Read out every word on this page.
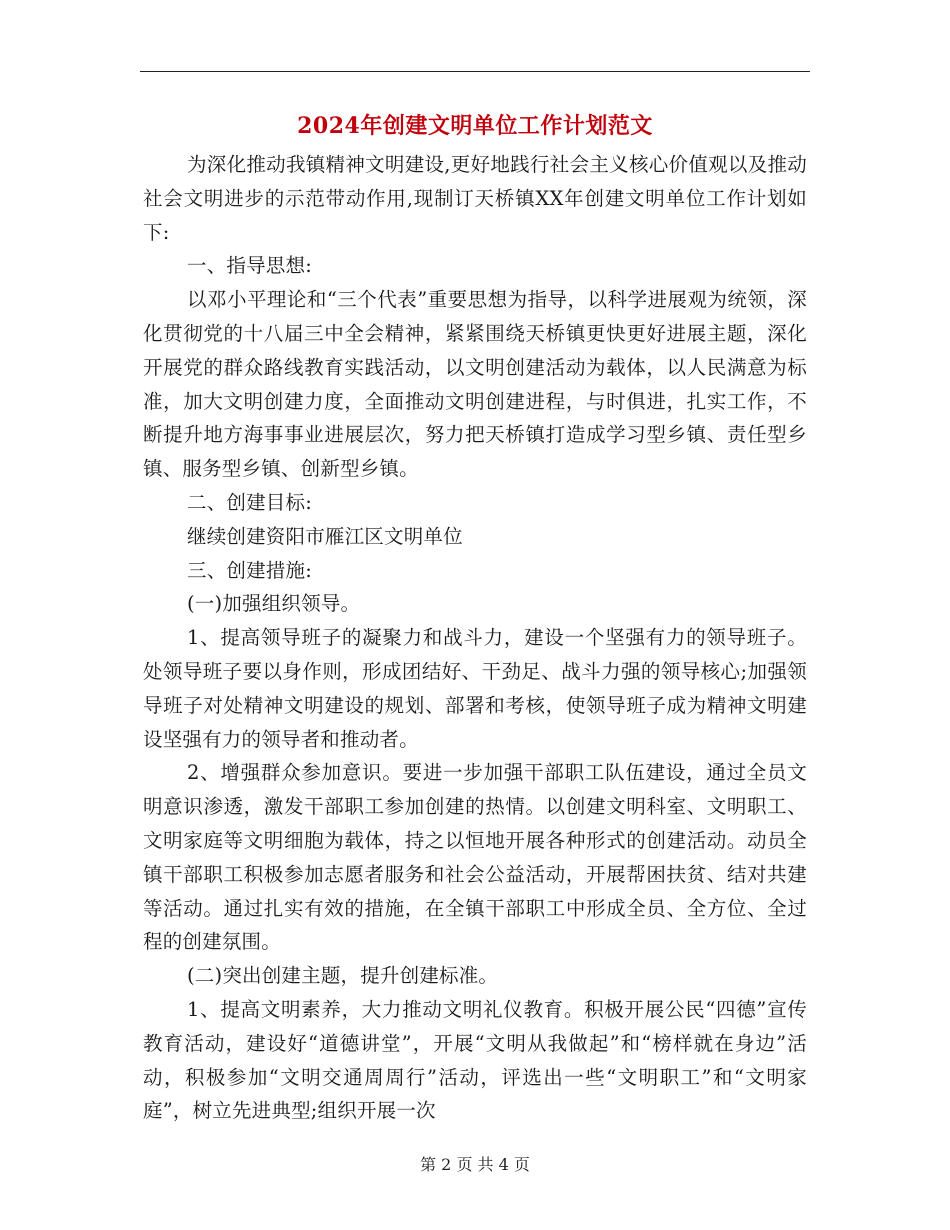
2024年创建文明单位工作计划范文

为深化推动我镇精神文明建设,更好地践行社会主义核心价值观以及推动社会文明进步的示范带动作用,现制订天桥镇XX年创建文明单位工作计划如下:

一、指导思想:

以邓小平理论和“三个代表”重要思想为指导，以科学进展观为统领，深化贯彻党的十八届三中全会精神，紧紧围绕天桥镇更快更好进展主题，深化开展党的群众路线教育实践活动，以文明创建活动为载体，以人民满意为标准，加大文明创建力度，全面推动文明创建进程，与时俱进，扎实工作，不断提升地方海事事业进展层次，努力把天桥镇打造成学习型乡镇、责任型乡镇、服务型乡镇、创新型乡镇。

二、创建目标:

继续创建资阳市雁江区文明单位

三、创建措施:

(一)加强组织领导。

1、提高领导班子的凝聚力和战斗力，建设一个坚强有力的领导班子。处领导班子要以身作则，形成团结好、干劲足、战斗力强的领导核心;加强领导班子对处精神文明建设的规划、部署和考核，使领导班子成为精神文明建设坚强有力的领导者和推动者。

2、增强群众参加意识。要进一步加强干部职工队伍建设，通过全员文明意识渗透，激发干部职工参加创建的热情。以创建文明科室、文明职工、文明家庭等文明细胞为载体，持之以恒地开展各种形式的创建活动。动员全镇干部职工积极参加志愿者服务和社会公益活动，开展帮困扶贫、结对共建等活动。通过扎实有效的措施，在全镇干部职工中形成全员、全方位、全过程的创建氛围。

(二)突出创建主题，提升创建标准。

1、提高文明素养，大力推动文明礼仪教育。积极开展公民“四德”宣传教育活动，建设好“道德讲堂”，开展“文明从我做起”和“榜样就在身边”活动，积极参加“文明交通周周行”活动，评选出一些“文明职工”和“文明家庭”，树立先进典型;组织开展一次

第 2 页 共 4 页
